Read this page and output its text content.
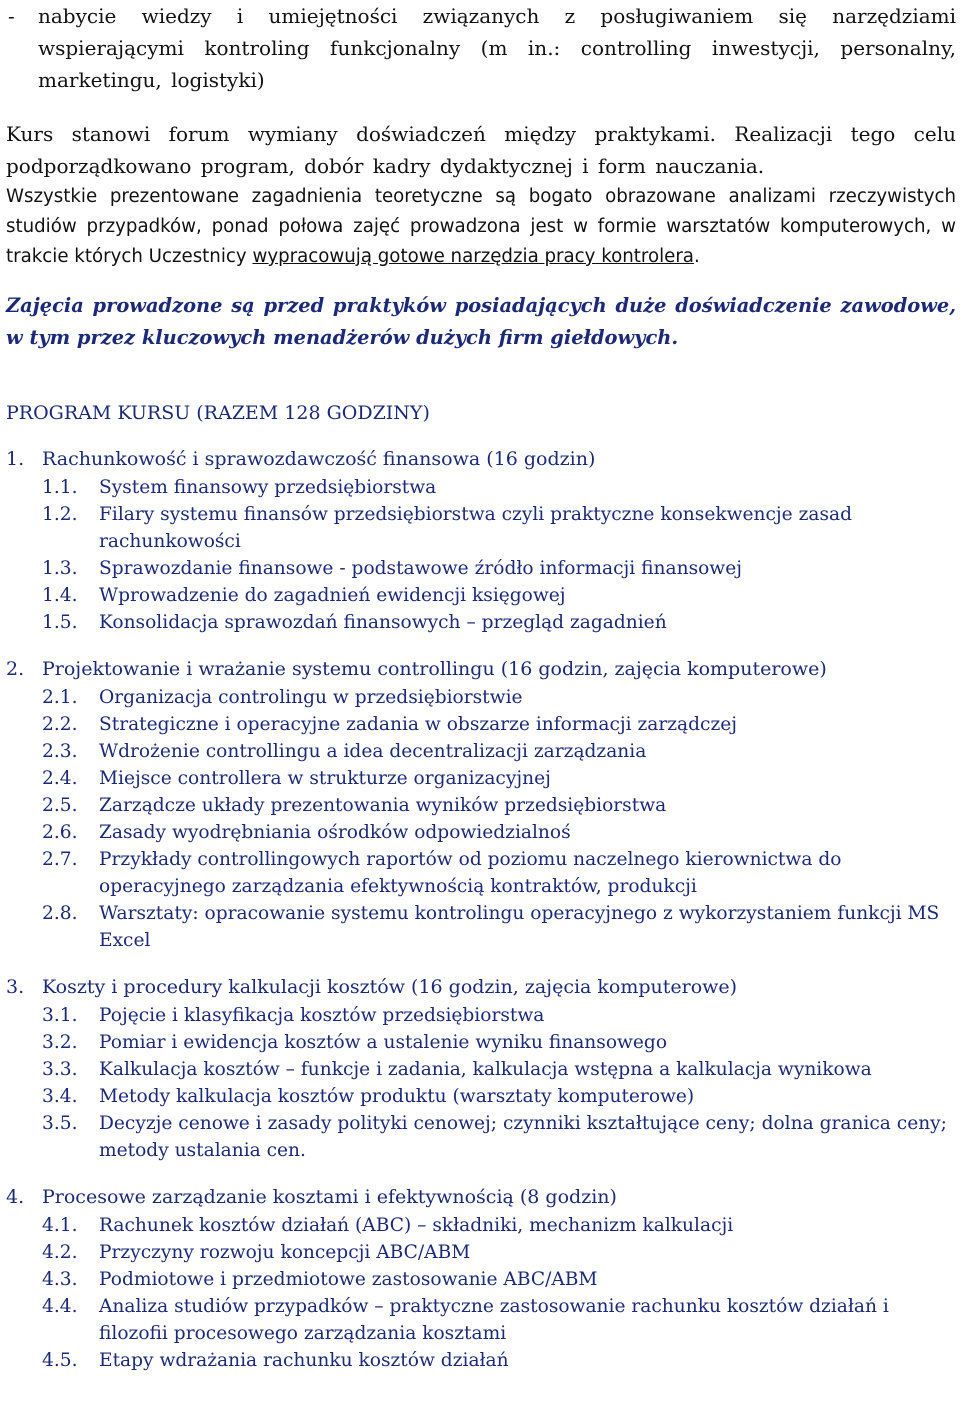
- nabycie wiedzy i umiejętności związanych z posługiwaniem się narzędziami wspierającymi kontroling funkcjonalny (m in.: controlling inwestycji, personalny, marketingu, logistyki)
Kurs stanowi forum wymiany doświadczeń między praktykami. Realizacji tego celu podporządkowano program, dobór kadry dydaktycznej i form nauczania.
Wszystkie prezentowane zagadnienia teoretyczne są bogato obrazowane analizami rzeczywistych studiów przypadków, ponad połowa zajęć prowadzona jest w formie warsztatów komputerowych, w trakcie których Uczestnicy wypracowują gotowe narzędzia pracy kontrolera.
Zajęcia prowadzone są przed praktyków posiadających duże doświadczenie zawodowe, w tym przez kluczowych menadżerów dużych firm giełdowych.
PROGRAM KURSU (RAZEM 128 GODZINY)
1. Rachunkowość i sprawozdawczość finansowa (16 godzin)
1.1. System finansowy przedsiębiorstwa
1.2. Filary systemu finansów przedsiębiorstwa czyli praktyczne konsekwencje zasad rachunkowości
1.3. Sprawozdanie finansowe - podstawowe źródło informacji finansowej
1.4. Wprowadzenie do zagadnień ewidencji księgowej
1.5. Konsolidacja sprawozdań finansowych – przegląd zagadnień
2. Projektowanie i wrażanie systemu controllingu (16 godzin, zajęcia komputerowe)
2.1. Organizacja controlingu w przedsiębiorstwie
2.2. Strategiczne i operacyjne zadania w obszarze informacji zarządczej
2.3. Wdrożenie controllingu a idea decentralizacji zarządzania
2.4. Miejsce controllera w strukturze organizacyjnej
2.5. Zarządcze układy prezentowania wyników przedsiębiorstwa
2.6. Zasady wyodrębniania ośrodków odpowiedzialnoś
2.7. Przykłady controllingowych raportów od poziomu naczelnego kierownictwa do operacyjnego zarządzania efektywnością kontraktów, produkcji
2.8. Warsztaty: opracowanie systemu kontrolingu operacyjnego z wykorzystaniem funkcji MS Excel
3. Koszty i procedury kalkulacji kosztów (16 godzin, zajęcia komputerowe)
3.1. Pojęcie i klasyfikacja kosztów przedsiębiorstwa
3.2. Pomiar i ewidencja kosztów a ustalenie wyniku finansowego
3.3. Kalkulacja kosztów – funkcje i zadania, kalkulacja wstępna a kalkulacja wynikowa
3.4. Metody kalkulacja kosztów produktu (warsztaty komputerowe)
3.5. Decyzje cenowe i zasady polityki cenowej; czynniki kształtujące ceny; dolna granica ceny; metody ustalania cen.
4. Procesowe zarządzanie kosztami i efektywnością (8 godzin)
4.1. Rachunek kosztów działań (ABC) – składniki, mechanizm kalkulacji
4.2. Przyczyny rozwoju koncepcji ABC/ABM
4.3. Podmiotowe i przedmiotowe zastosowanie ABC/ABM
4.4. Analiza studiów przypadków – praktyczne zastosowanie rachunku kosztów działań i filozofii procesowego zarządzania kosztami
4.5. Etapy wdrażania rachunku kosztów działań
